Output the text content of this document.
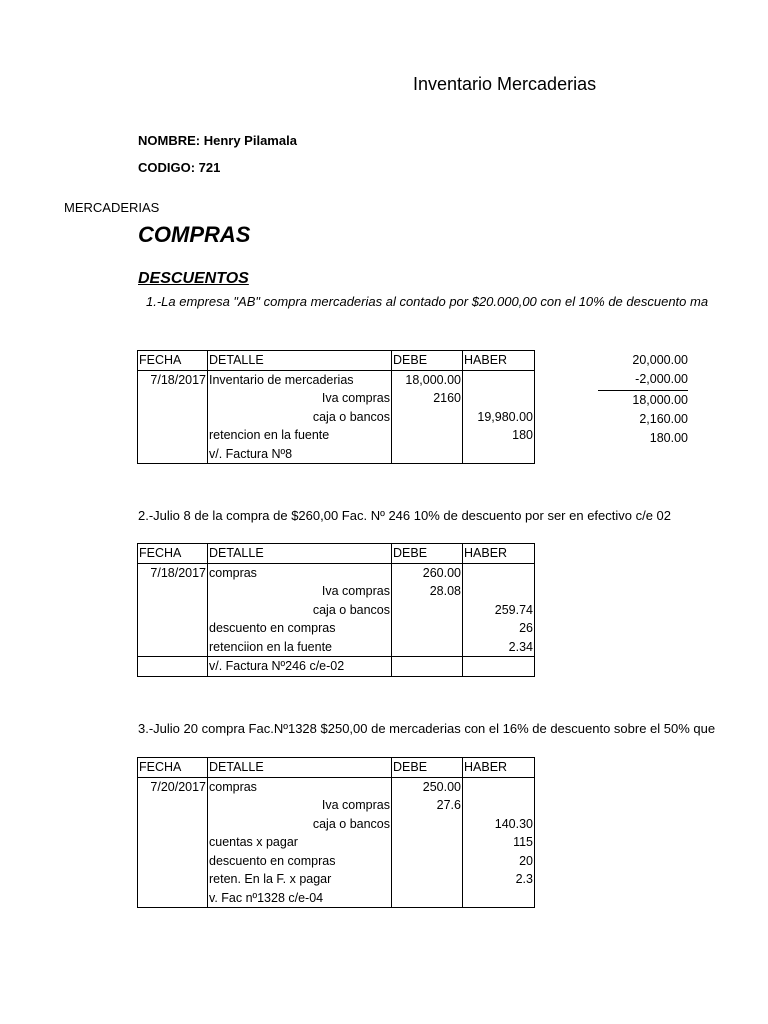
Inventario Mercaderias
NOMBRE: Henry Pilamala
CODIGO: 721
MERCADERIAS
COMPRAS
DESCUENTOS
1.-La empresa "AB" compra mercaderias al contado por $20.000,00 con el 10% de descuento ma
FECHA	DETALLE	DEBE	HABER
7/18/2017	Inventario de mercaderias	18,000.00	
	Iva compras	2160	
	caja o bancos		19,980.00
	retencion en la fuente		180
	v/. Factura Nº8		
20,000.00
-2,000.00
18,000.00
2,160.00
180.00
2.-Julio 8 de la compra de $260,00 Fac. Nº 246 10% de descuento por ser en efectivo c/e 02
FECHA	DETALLE	DEBE	HABER
7/18/2017	compras	260.00	
	Iva compras	28.08	
	caja o bancos		259.74
	descuento en compras		26
	retenciion en la fuente		2.34
	v/. Factura Nº246 c/e-02		
3.-Julio 20 compra Fac.Nº1328 $250,00 de mercaderias con el 16% de descuento sobre el 50% que
FECHA	DETALLE	DEBE	HABER
7/20/2017	compras	250.00	
	Iva compras	27.6	
	caja o bancos		140.30
	cuentas x pagar		115
	descuento en compras		20
	reten. En la F. x pagar		2.3
	v. Fac nº1328 c/e-04		
